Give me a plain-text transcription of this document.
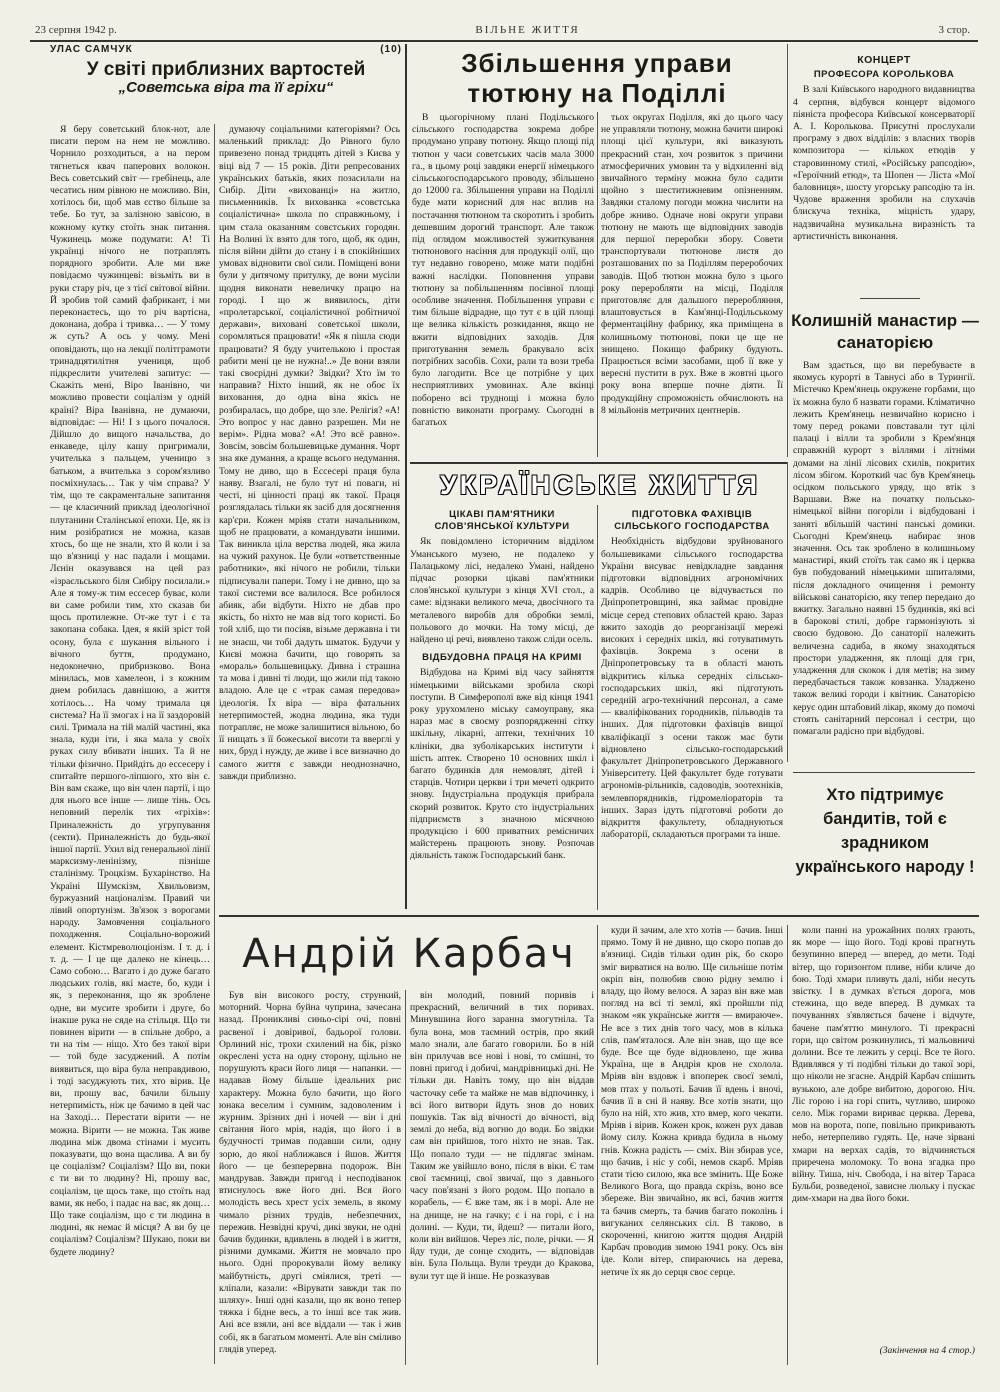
23 серпня 1942 р.	ВІЛЬНЕ ЖИТТЯ	3 стор.
УЛАС САМЧУК	(10)
У світі приблизних вартостей
„Советська віра та її гріхи“

Я беру советський блок-нот, але писати пером на нем не можливо. Чорнило розходиться, а на пером тягнеться квач паперових волокон. Весь советський світ — гребінець, але чесатись ним рівною не можливо. Він, хотілось би, щоб мав єство більше за тебе. Бо тут, за залізною завісою, в кожному кутку стоїть знак питання. Чужинець може подумати: А! Ті українці нічого не потраплять порядного зробити. Але ми вже повідаємо чужинцеві: візьміть ви в руки стару річ, це з тієї світової війни. Й зробив той самий фабрикант, і ми переконаєтесь, що то річ вартісна, доконана, добра і тривка… — У тому ж суть? А ось у чому. Мені оповідають, що на лекції політграмоти тринадцятилітня учениця, щоб підкреслити учителеві запитує: — Скажіть мені, Віро Іванівно, чи можливо провести соціалізм у одній країні? Віра Іванівна, не думаючи, відповідає: — Ні! І з цього почалося. Дійшло до вищого начальства, до енкаведе, цілу кашу пригримали, учителька з пальцем, ученицю з батьком, а вчителька з сором'язливо посміхнулась… Так у чім справа? У тім, що те сакраментальне запитання — це класичний приклад ідеологічної плутанини Сталінської епохи. Це, як із ним розібратися не можна, казав хтось, бо ще не знали, хто й коли і за що в'язниці у нас падали і мощами. Лєнін оказувався на цей раз «ізраєльського біля Сибіру посилали.» Але я тому-ж тим ессесер буває, коли ви саме робили тим, хто сказав би щось протилежне. От-же тут і є та закопана собака. Ідея, я якій зріст той осону, була є шукання вільного і вічного буття, продумано, недоконечно, прибризково. Вона мінилась, мов хамелеон, і з кожним днем робилась давнішою, а життя хотілось… На чому тримала ця система? На її змогах і на її заздоровій силі. Тримала на тій малій частині, яка знала, куди іти, і яка мала у своїх руках силу вбивати інших. Та й не тільки фізично. Прийдіть до ессесеру і спитайте першого-ліпшого, хто він є. Він вам скаже, що він член партії, і що для нього все інше — лише тінь. Ось неповний перелік тих «гріхів»: Приналежність до угрупування (секти). Приналежність до будь-якої іншої партії. Ухил від генеральної лінії марксизму-ленінізму, пізніше сталінізму. Троцкізм. Бухарінство. На Україні Шумскізм, Хвильовизм, буржуазний націоналізм. Правий чи лівий опортунізм. Зв'язок з ворогами народу. Замовчення соціального походження. Соціально-ворожий елемент. Кістмреволюціонізм. І т. д. і т. д. — І це ще далеко не кінець… Само собою… Вагато і до дуже багато людських голів, які маєте, бо, куди і як, з переконання, що як зроблене одне, ви мусите зробити і друге, бо інакше рука не сяде на стільця. Що ти повинен вірити — в спільне добро, а ти на тім — ніщо. Хто без такої віри — той буде засуджений. А потім виявиться, що віра була неправдивою, і тоді засуджують тих, хто вірив. Це ви, прошу вас, бачили більшу нетерпимість, ніж це бачимо в цей час на Заході… Перестати вірити — не можна. Вірити — не можна. Так живе людина між двома стінами і мусить показувати, що вона щаслива. А ви бу це соціалізм? Соціалізм? Що ви, поки є ти ви то людину? Ні, прошу вас, соціалізм, це щось таке, що стоїть над вами, як небо, і падає на вас, як дощ… Що таке соціалізм, що є ти людина в людині, як немає й місця? А ви бу це соціалізм? Соціалізм? Шукаю, поки ви будете людину?

думаючу соціальними категоріями? Ось маленький приклад: До Рівного було привезено понад тридцять дітей з Києва у віці від 7 — 15 років. Діти репресованих українських батьків, яких позасилали на Сибір. Діти «вихованці» на житло, письменників. Їх вихованка «совєтська соціалістична» школа по справжньому, і цим стала оказанням совєтських городян. На Волині їх взято для того, щоб, як один, після війни дійти до стану і в спокійніших умовах відновити свої сили. Поміщені вони були у дитячому притулку, де вони мусіли щодня виконати невеличку працю на городі. І що ж виявилось, діти «пролетарської, соціалістичної робітничої держави», виховані советської школи, соромляться працювати! «Як я пішла сюди працювати? Я буду учителькою і простая рабити мені це не нужна!..» Де вони взяли такі своєрідні думки? Звідки? Хто їм то направив? Ніхто інший, як не обоє їх виховання, до одна віна якісь не розбиралась, що добре, що зле. Релігія? «А! Это вопрос у нас давно разрешен. Ми не верім». Рідна мова? «А! Это всё равно». Зовсім, зовсім большевицьке думання. Чорт зна яке думання, а краще всього недумання. Тому не диво, що в Ессесері праця була наяву. Взагалі, не було тут ні поваги, ні честі, ні цінності праці як такої. Праця розглядалась тільки як засіб для досягнення кар'єри. Кожен мріяв стати начальником, щоб не працювати, а командувати іншими. Так виникла ціла верства людей, яка жила на чужий рахунок. Це були «ответственные работники», які нічого не робили, тільки підписували папери. Тому і не дивно, що за такої системи все валилося. Все робилося абияк, аби відбути. Ніхто не дбав про якість, бо ніхто не мав від того користі. Бо той хліб, що ти посіяв, візьме державна і ти не знаєш, чи тобі дадуть шматок. Будучи у Києві можна бачити, що говорять за «мораль» большевицьку. Дивна і страшна та мова і дивні ті люди, що жили під такою владою. Але це є «трак самая передова» ідеологія. Їх віра — віра фатальних нетерпимостей, жодна людина, яка туди потрапляє, не може залишитися вільною, бо її нищать з її божеської висоти та вверглі у них, бруд і нужду, де живе і все визначно до самого життя є завжди неоднозначно, завжди приблизно.

Збільшення управи тютюну на Поділлі

В цьогорічному плані Подільського сільського господарства зокрема добре продумано управу тютюну. Якщо площі під тютюн у часи советських часів мала 3000 га., в цьому році завдяки енергії німецького сільськогосподарського проводу, збільшено до 12000 га. Збільшення управи на Поділлі буде мати корисний для нас вплив на постачання тютюном та скоротить і зробить дешевшим дорогий транспорт. Але також під оглядом можливостей зужиткування тютюнового насіння для продукції олії, що тут недавно говорено, може мати подібні важні наслідки. Поповнення управи тютюну за побільшенням посівної площі особливе значення. Побільшення управи є тим більше відрадне, що тут є в цій площі ще велика кількість розкидання, якщо не вжити відповідних заходів. Для приготування земель бракувало всіх потрібних засобів. Сохи, рали та вози треба було лагодити. Все це потрібне у цих несприятливих умовинах. Але вкінці поборено всі труднощі і можна було повністю виконати програму. Сьогодні в багатьох

тьох округах Поділля, які до цього часу не управляли тютюну, можна бачити широкі площі цієї культури, які виказують прекрасний стан, хоч розвиток з причини атмосферичних умовин та у відхиленні від звичайного терміну можна було садити щойно з шеститижневим опізненням. Завдяки сталому погоди можна числити на добре жниво. Одначе нові округи управи тютюну не мають ще відповідних заводів для першої переробки збору. Совети транспортували тютюнове листя до розташованих по за Поділлям переробочих заводів. Щоб тютюн можна було з цього року переробляти на місці, Поділля приготовляє для дальшого переробляння, влаштовується в Кам'янці-Подільському ферментаційну фабрику, яка приміщена в колишньому тютюнові, поки це ще не знищено. Покищо фабрику будують. Працюється всіми засобами, щоб її вже у вересні пустити в рух. Вже в жовтні цього року вона вперше почне діяти. Її продукційну спроможність обчислюють на 8 мільйонів метричних центнерів.

КОНЦЕРТ
ПРОФЕСОРА КОРОЛЬКОВА

В залі Київського народного видавництва 4 серпня, відбувся концерт відомого піяніста професора Київської консерваторії А. І. Королькова. Присутні прослухали програму з двох відділів: з власних творів композитора — кількох етюдів у старовинному стилі, «Російську рапсодію», «Героїчний етюд», та Шопен — Ліста «Мої баловниця», шосту угорську рапсодію та ін. Чудове враження зробили на слухачів блискуча техніка, міцність удару, надзвичайна музикальна виразність та артистичність виконання.

Колишній манастир — санаторією

Вам здається, що ви перебуваєте в якомусь курорті в Тавнусі або в Турингії. Містечко Крем'янець окружене горбами, що їх можна було б назвати горами. Кліматично лежить Крем'янець незвичайно корисно і тому перед роками повставали тут цілі палаці і вілли та зробили з Крем'янця справжній курорт з віллями і літніми домами на лінії лісових схилів, покритих лісом збігом. Короткий час був Крем'янець осідком польського уряду, що втік з Варшави. Вже на початку польсько-німецької війни погоріли і відбудовані і заняті вбільшій частині панські домики. Сьогодні Крем'янець набирає знов значення. Ось так зроблено в колишньому манастирі, який стоїть так само як і церква був побудований німецькими шпиталями, після докладного очищення і ремонту військові санаторією, яку тепер передано до вжитку. Загально наявні 15 будинків, які всі в барокові стилі, добре гармонізують зі своєю будовою. До санаторії належить величезна садиба, в якому знаходяться простори уладження, як площі для гри, уладження для скокок і для метів; на зиму передбачається також ковзанка. Уладжено також великі городи і квітник. Санаторією керує один штабовий лікар, якому до помочі стоять санітарний персонал і сестри, що помагали радісно при відбудові.

Хто підтримує бандитів, той є зрадником українського народу !
УКРАЇНСЬКЕ ЖИТТЯ
ЦІКАВІ ПАМ'ЯТНИКИ СЛОВ'ЯНСЬКОЇ КУЛЬТУРИ

Як повідомлено історичним відділом Уманського музею, не подалеко у Палацькому лісі, недалеко Умані, найдено підчас розорки цікаві пам'ятники слов'янської культури з кінця XVI стол., а саме: відзнаки великого меча, двосічного та металевого виробів для обробки землі, польового до мочки. На тому місці, де найдено ці речі, виявлено також сліди осель.

ВІДБУДОВНА ПРАЦЯ НА КРИМІ

Відбудова на Кримі від часу зайняття німецькими військами зробила скорі поступи. В Симферополі вже від кінця 1941 року урухомлено міську самоуправу, яка нараз має в своєму розпорядженні сітку шкільну, лікарні, аптеки, технічних 10 клініки, два зуболікарських інститути і шість аптек. Створено 10 основних шкіл і багато будинків для немовлят, дітей і старців. Чотири церкви і три мечеті одкрито знову. Індустріальна продукція прибрала скорий розвиток. Круто сто індустріальних підприємств з значною місячною продукцією і 600 приватних ремісничих майстерень працюють знову. Розпочав діяльність також Господарський банк.

ПІДГОТОВКА ФАХІВЦІВ СІЛЬСЬКОГО ГОСПОДАРСТВА

Необхідність відбудови зруйнованого большевиками сільського господарства України висуває невідкладне завдання підготовки відповідних агрономічних кадрів. Особливо це відчувається по Дніпропетровщині, яка займає провідне місце серед степових областей краю. Зараз вжито заходів до реорганізації мережі високих і середніх шкіл, які готуватимуть фахівців. Зокрема з осени в Дніпропетровську та в області мають відкритись кілька середніх сільсько-господарських шкіл, які підготують середній агро-технічний персонал, а саме — кваліфікованих городників, пільводів та інших. Для підготовки фахівців вищої кваліфікації з осени також має бути відновлено сільсько-господарський факультет Дніпропетровського Державного Університету. Цей факультет буде готувати агрономів-рільників, садоводів, зоотехніків, землевпорядників, гідромеліораторів та інших. Зараз ідуть підготовчі роботи до відкриття факультету, обладнуються лабораторії, складаються програми та інше.

Андрій Карбач

Був він високого росту, стрункий, моторний. Чорна буйна чуприна, зачесана назад. Проникливі синьо-сірі очі, повні расвеної і довіривої, бадьорої голови. Орлиний ніс, трохи схилений на бік, різко окреслені уста на одну сторону, щільно не порушують краси його лиця — напанки. — надавав йому більше ідеальних рис характеру. Можна було бачити, що його юнака веселим і сумним, задоволеним і журним. Зрізних дні і ночей — він і дні світання його мрія, надія, що його і в будучності тримав подавши сили, одну зорю, до якої наближався і йшов. Життя його — це безперервна подорож. Він мандрував. Завжди пригод і несподіванок втиснулось вже його дні. Вся його молодість весь хрест усіх земель, в якому чимало різних трудів, небезпечних, пережив. Незвідні кручі, дикі звуки, не одні бачив будинки, вдивлень в людей і в життя, різними думками. Життя не мовчало про нього. Одні пророкували йому велику майбутність, другі сміялися, треті — кліпали, казали: «Вірувати завжди так по шляху». Інші одні казали, що як воно тепер тяжка і бідне весь, а то інші все так жив. Ані все взяли, ані все віддали — так і жив собі, як в багатьом моменті. Але він сміливо глядів уперед.

він молодий, повний поривів і прекрасний, величний в тих поривах. Минувшина його заранна змогутніла. Та була вона, мов таємний острів, про який мало знали, але багато говорили. Бо в ній він прилучав все нові і нові, то смішні, то повні пригод і добичі, мандрівницькі дні. Не тільки ди. Навіть тому, що він віддав часточку себе та майже не мав відпочинку, і всі його витвори йдуть знов до нових пошуків. Так від вічності до вічності, від землі до неба, від вогню до води. Бо звідки сам він прийшов, того ніхто не знав. Так. Що попало туди — не підлягає змінам. Таким же увійшло воно, після в віки. Є там свої таємниці, свої звичаї, що з давнього часу пов'язані з його родом. Що попало в корабель, — Є вже там, як і в морі. Але не на днище, не на гачку; є і на горі, є і на долині. — Куди, ти, йдеш? — питали його, коли він вийшов. Через ліс, поле, річки. — Я йду туди, де сонце сходить, — відповідав він. Була Польща. Вули треуди до Кракова, вули тут ще й інше. Не розказував

куди й зачим, але хто хотів — бачив. Інші прямо. Тому й не дивно, що скоро попав до в'язниці. Сидів тільки один рік, бо скоро зміг вирватися на волю. Ще сильніше потім окріп він, полюбив свою рідну землю і владу, що йому велося. А зараз він вже мав погляд на всі ті землі, які пройшли під знаком «як українське життя — вмираюче». Не все з тих днів того часу, мов в кілька слів, пам'яталося. Але він знав, що ще все буде. Все ще буде відновлено, ще жива Україна, ще в Андрія кров не схолола. Мріяв він вздовж і впоперек своєї землі, мов птах у польоті. Бачив її вдень і вночі, бачив її в сні й наяву. Все хотів знати, що було на ній, хто жив, хто вмер, кого чекати. Мріяв і вірив. Кожен крок, кожен рух давав йому силу. Кожна кривда будила в ньому гнів. Кожна радість — сміх. Він збирав усе, що бачив, і ніс у собі, немов скарб. Мріяв стати тією силою, яка все змінить. Ще Боже Великого Вога, що правда скрізь, воно все збереже. Він звичайно, як всі, бачив життя та бачив смерть, та бачив багато поколінь і вигуканих селянських сіл. В таково, в скороченні, книгою життя щодня Андрій Карбач проводив зимою 1941 року. Ось він іде. Коли вітер, спираючись на дерева, нетиче їх як до серця своє серце.

коли панні на урожайних полях грають, як море — іщо його. Тоді крові прагнуть безупинно вперед — вперед, до мети. Тоді вітер, що горизонтом пливе, ніби кличе до бою. Тоді хмари пливуть далі, ніби несуть звістку. І в думках в'ється дорога, мов стежина, що веде вперед. В думках та почуваннях з'являється бачене і відчуте, бачене пам'яттю минулого. Ті прекрасні гори, що світом розкинулись, ті мальовничі долини. Все те лежить у серці. Все те його. Вдивлявся у ті подібні тільки до такої зорі, що ніколи не згасне. Андрій Карбач спішить вузькою, але добре вибитою, дорогою. Ніч. Ліс горою і на горі спить, чутливо, широко село. Між горами вириває церква. Дерева, мов на ворота, попе, повільно прикривають небо, нетерпеливо гудять. Це, наче зірвані хмари на верхах садів, то відчиняється приречена моломоку. То вона згадка про війну. Тиша, ніч. Свобода, і на вітер Тараса Бульби, розведеної, зависне люльку і пускає дим-хмари на два його боки.

(Закінчення на 4 стор.)
